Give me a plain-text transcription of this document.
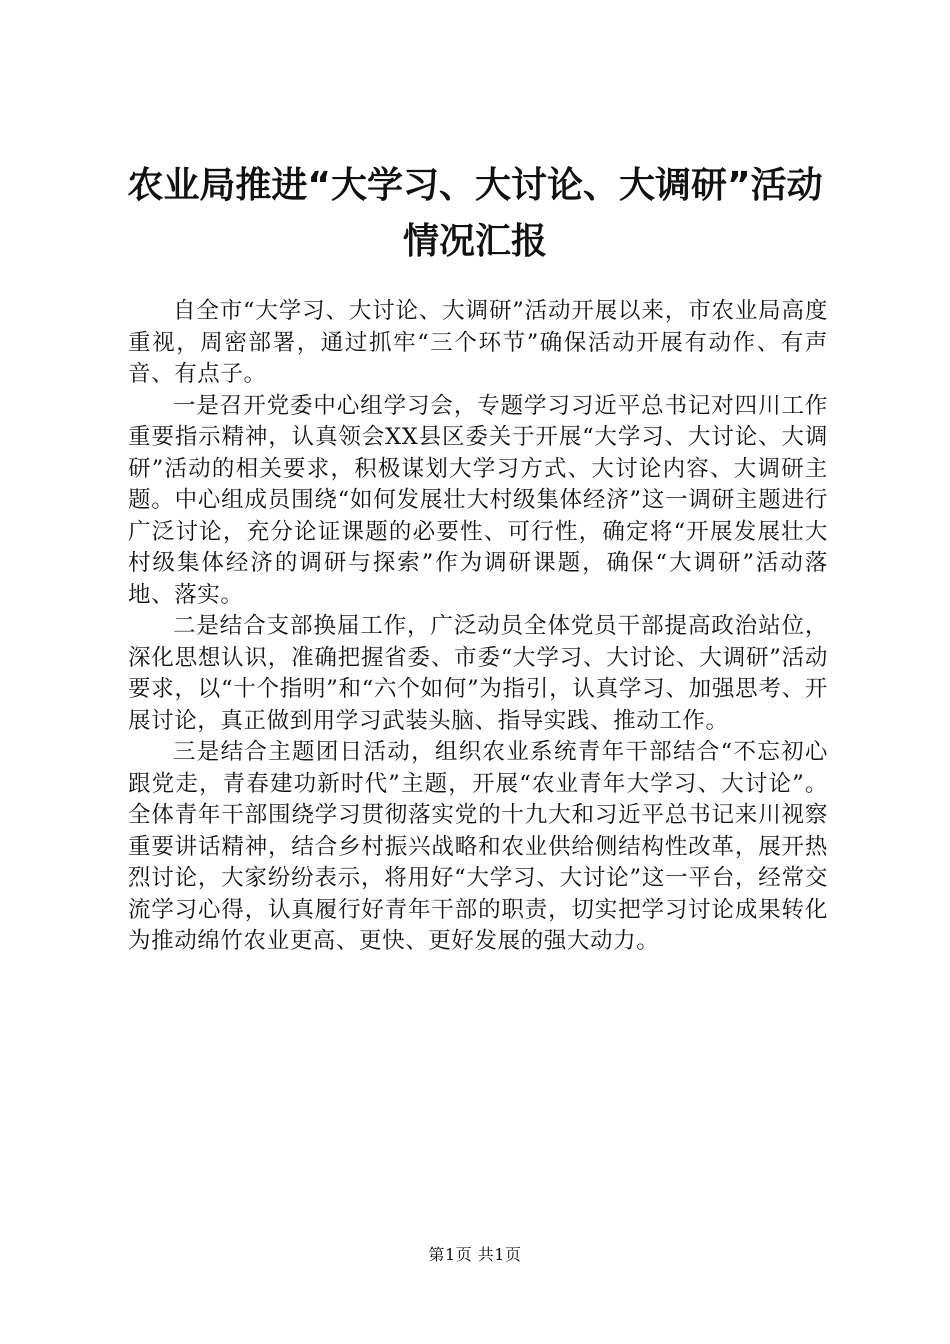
农业局推进“大学习、大讨论、大调研”活动
情况汇报

自全市“大学习、大讨论、大调研”活动开展以来，市农业局高度重视，周密部署，通过抓牢“三个环节”确保活动开展有动作、有声音、有点子。

一是召开党委中心组学习会，专题学习习近平总书记对四川工作重要指示精神，认真领会XX县区委关于开展“大学习、大讨论、大调研”活动的相关要求，积极谋划大学习方式、大讨论内容、大调研主题。中心组成员围绕“如何发展壮大村级集体经济”这一调研主题进行广泛讨论，充分论证课题的必要性、可行性，确定将“开展发展壮大村级集体经济的调研与探索”作为调研课题，确保“大调研”活动落地、落实。

二是结合支部换届工作，广泛动员全体党员干部提高政治站位，深化思想认识，准确把握省委、市委“大学习、大讨论、大调研”活动要求，以“十个指明”和“六个如何”为指引，认真学习、加强思考、开展讨论，真正做到用学习武装头脑、指导实践、推动工作。

三是结合主题团日活动，组织农业系统青年干部结合“不忘初心跟党走，青春建功新时代”主题，开展“农业青年大学习、大讨论”。全体青年干部围绕学习贯彻落实党的十九大和习近平总书记来川视察重要讲话精神，结合乡村振兴战略和农业供给侧结构性改革，展开热烈讨论，大家纷纷表示，将用好“大学习、大讨论”这一平台，经常交流学习心得，认真履行好青年干部的职责，切实把学习讨论成果转化为推动绵竹农业更高、更快、更好发展的强大动力。

第1页 共1页
